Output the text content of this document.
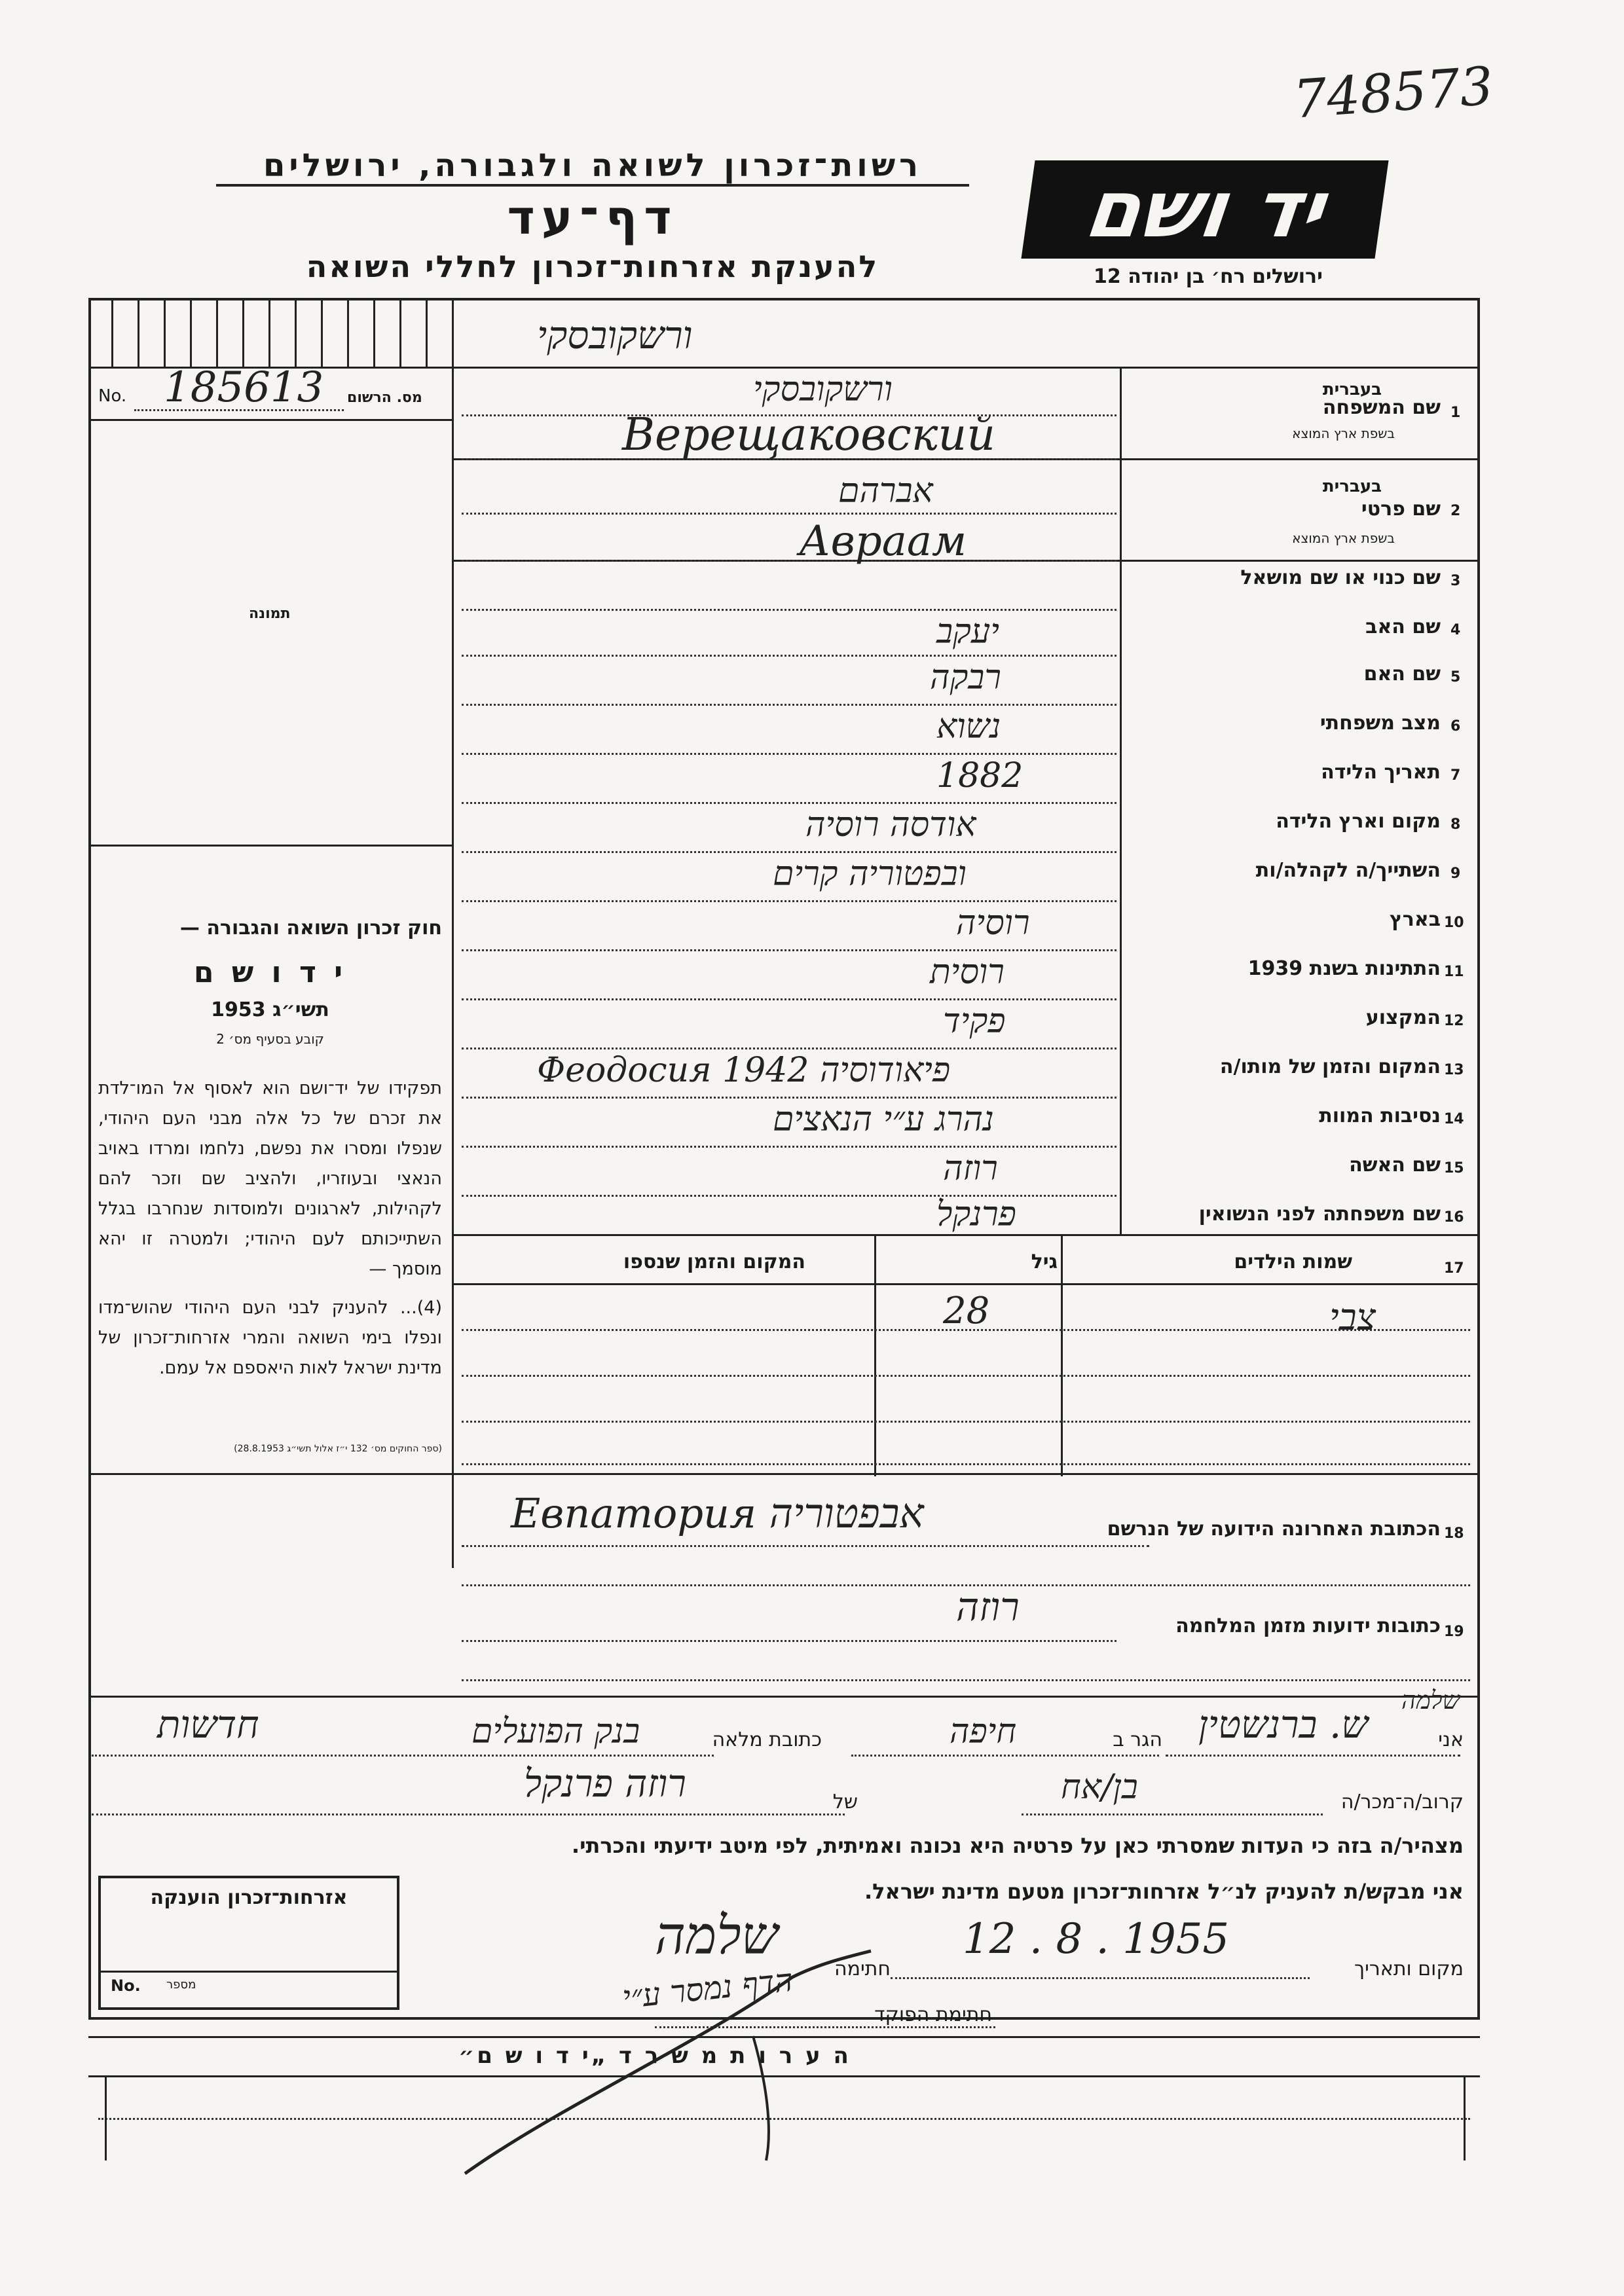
748573
רשות־זכרון לשואה ולגבורה, ירושלים
דף־עד
להענקת אזרחות־זכרון לחללי השואה
יד ושם
ירושלים רח׳ בן יהודה 12
ורשקובסקי
No. 185613 מס. הרשום
תמונה
חוק זכרון השואה והגבורה —
י ד ו ש ם
תשי״ג 1953
קובע בסעיף מס׳ 2
תפקידו של יד־ושם הוא לאסוף אל המו־לדת את זכרם של כל אלה מבני העם היהודי, שנפלו ומסרו את נפשם, נלחמו ומרדו באויב הנאצי ובעוזריו, ולהציב שם וזכר להם לקהילות, לארגונים ולמוסדות שנחרבו בגלל השתייכותם לעם היהודי; ולמטרה זו יהא מוסמך —
(4)... להעניק לבני העם היהודי שהוש־מדו ונפלו בימי השואה והמרי אזרחות־זכרון של מדינת ישראל לאות היאספם אל עמם.
(ספר החוקים מס׳ 132 י״ז אלול תשי״ג 28.8.1953)
1
שם המשפחה
בעברית
בשפת ארץ המוצא
ורשקובסקי
Верещаковский
2
שם פרטי
בעברית
בשפת ארץ המוצא
אברהם
Авраам
3
שם כנוי או שם מושאל
4
שם האב
יעקב
5
שם האם
רבקה
6
מצב משפחתי
נשוא
7
תאריך הלידה
1882
8
מקום וארץ הלידה
אודסה רוסיה
9
השתייך/ה לקהלה/ות
ובפטוריה קרים
10
בארץ
רוסיה
11
התתינות בשנת 1939
רוסית
12
המקצוע
פקיד
13
המקום והזמן של מותו/ה
פיאודוסיה Феодосия 1942
14
נסיבות המוות
נהרג ע״י הנאצים
15
שם האשה
רוזה
16
שם משפחתה לפני הנשואין
פרנקל
17
שמות הילדים
גיל
המקום והזמן שנספו
צבי
28
18
הכתובת האחרונה הידועה של הנרשם
Евпатория אבפטוריה
19
כתובות ידועות מזמן המלחמה
רוזה
שלמה
אני
ש. ברנשטין
הגר ב
חיפה
כתובת מלאה
בנק הפועלים
חדשות
קרוב/ה־מכר/ה
בן/אח
של
רוזה פרנקל
מצהיר/ה בזה כי העדות שמסרתי כאן על פרטיה היא נכונה ואמיתית, לפי מיטב ידיעתי והכרתי.
אני מבקש/ת להעניק לנ״ל אזרחות־זכרון מטעם מדינת ישראל.
מקום ותאריך
12 . 8 . 1955
חתימה
שלמה
חתימת הפוקד
אזרחות־זכרון הוענקה
No. מספר
ה ע ר ו ת מ ש ר ד „י ד ו ש ם״
הדף נמסר ע״י
